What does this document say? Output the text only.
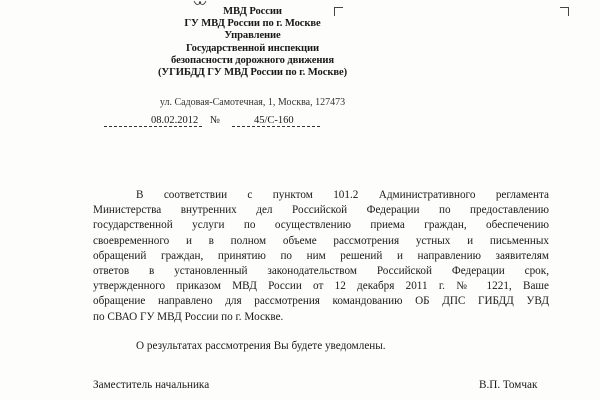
МВД России
ГУ МВД России по г. Москве
Управление
Государственной инспекции
безопасности дорожного движения
(УГИБДД ГУ МВД России по г. Москве)
ул. Садовая-Самотечная, 1, Москва, 127473
08.02.2012 №	45/С-160
В соответствии с пунктом 101.2 Административного регламента
Министерства внутренних дел Российской Федерации по предоставлению
государственной услуги по осуществлению приема граждан, обеспечению
своевременного и в полном объеме рассмотрения устных и письменных
обращений граждан, принятию по ним решений и направлению заявителям
ответов в установленный законодательством Российской Федерации срок,
утвержденного приказом МВД России от 12 декабря 2011 г. № 1221, Ваше
обращение направлено для рассмотрения командованию ОБ ДПС ГИБДД УВД
по СВАО ГУ МВД России по г. Москве.
О результатах рассмотрения Вы будете уведомлены.
Заместитель начальника	В.П. Томчак
